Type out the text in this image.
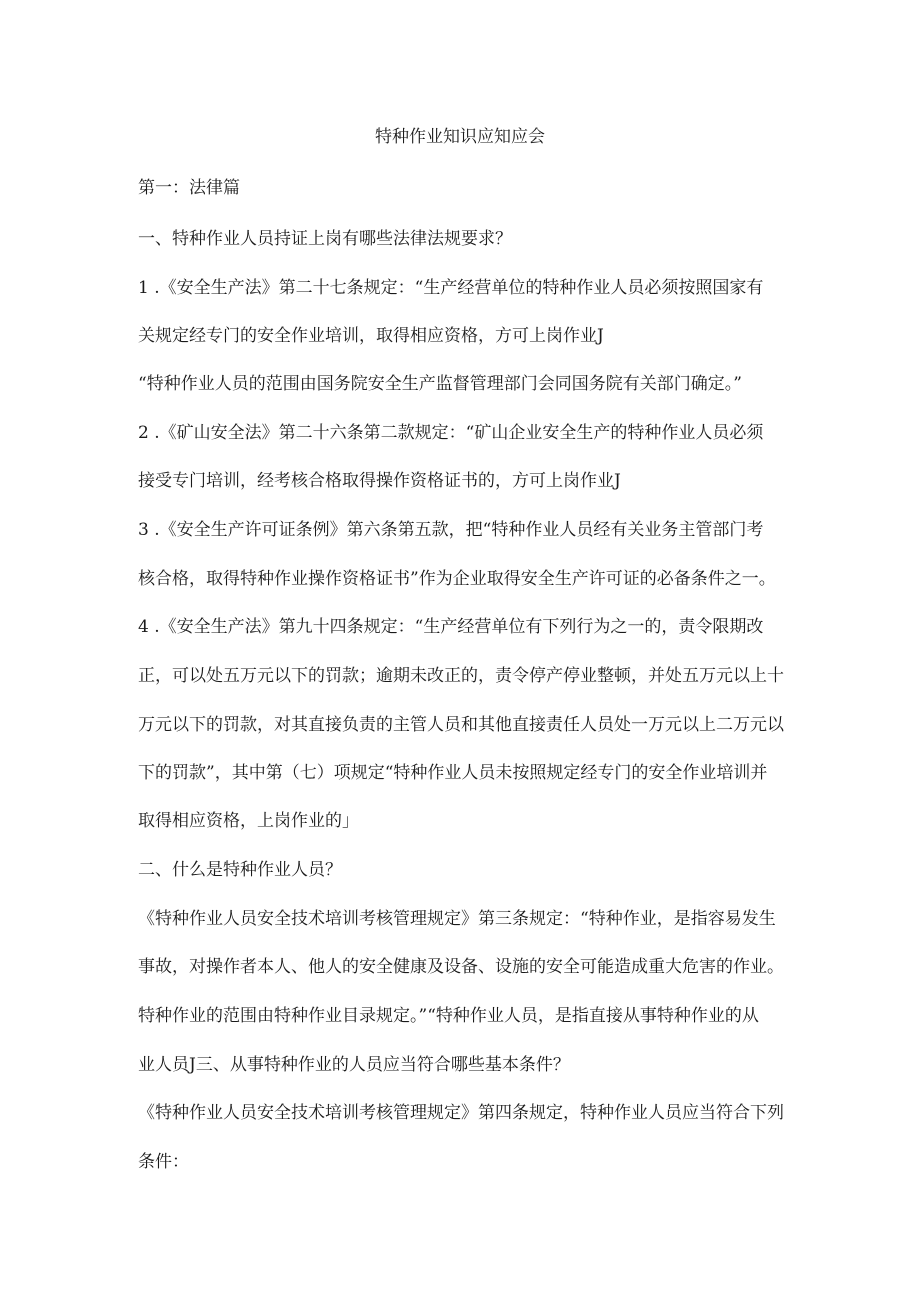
特种作业知识应知应会
第一：法律篇
一、特种作业人员持证上岗有哪些法律法规要求？
1 .《安全生产法》第二十七条规定：“生产经营单位的特种作业人员必须按照国家有
关规定经专门的安全作业培训，取得相应资格，方可上岗作业J
“特种作业人员的范围由国务院安全生产监督管理部门会同国务院有关部门确定。”
2 .《矿山安全法》第二十六条第二款规定：“矿山企业安全生产的特种作业人员必须
接受专门培训，经考核合格取得操作资格证书的，方可上岗作业J
3 .《安全生产许可证条例》第六条第五款，把“特种作业人员经有关业务主管部门考
核合格，取得特种作业操作资格证书”作为企业取得安全生产许可证的必备条件之一。
4 .《安全生产法》第九十四条规定：“生产经营单位有下列行为之一的，责令限期改
正，可以处五万元以下的罚款；逾期未改正的，责令停产停业整顿，并处五万元以上十
万元以下的罚款，对其直接负责的主管人员和其他直接责任人员处一万元以上二万元以
下的罚款”，其中第（七）项规定“特种作业人员未按照规定经专门的安全作业培训并
取得相应资格，上岗作业的」
二、什么是特种作业人员？
《特种作业人员安全技术培训考核管理规定》第三条规定：“特种作业，是指容易发生
事故，对操作者本人、他人的安全健康及设备、设施的安全可能造成重大危害的作业。
特种作业的范围由特种作业目录规定。”“特种作业人员，是指直接从事特种作业的从
业人员J三、从事特种作业的人员应当符合哪些基本条件？
《特种作业人员安全技术培训考核管理规定》第四条规定，特种作业人员应当符合下列
条件：
